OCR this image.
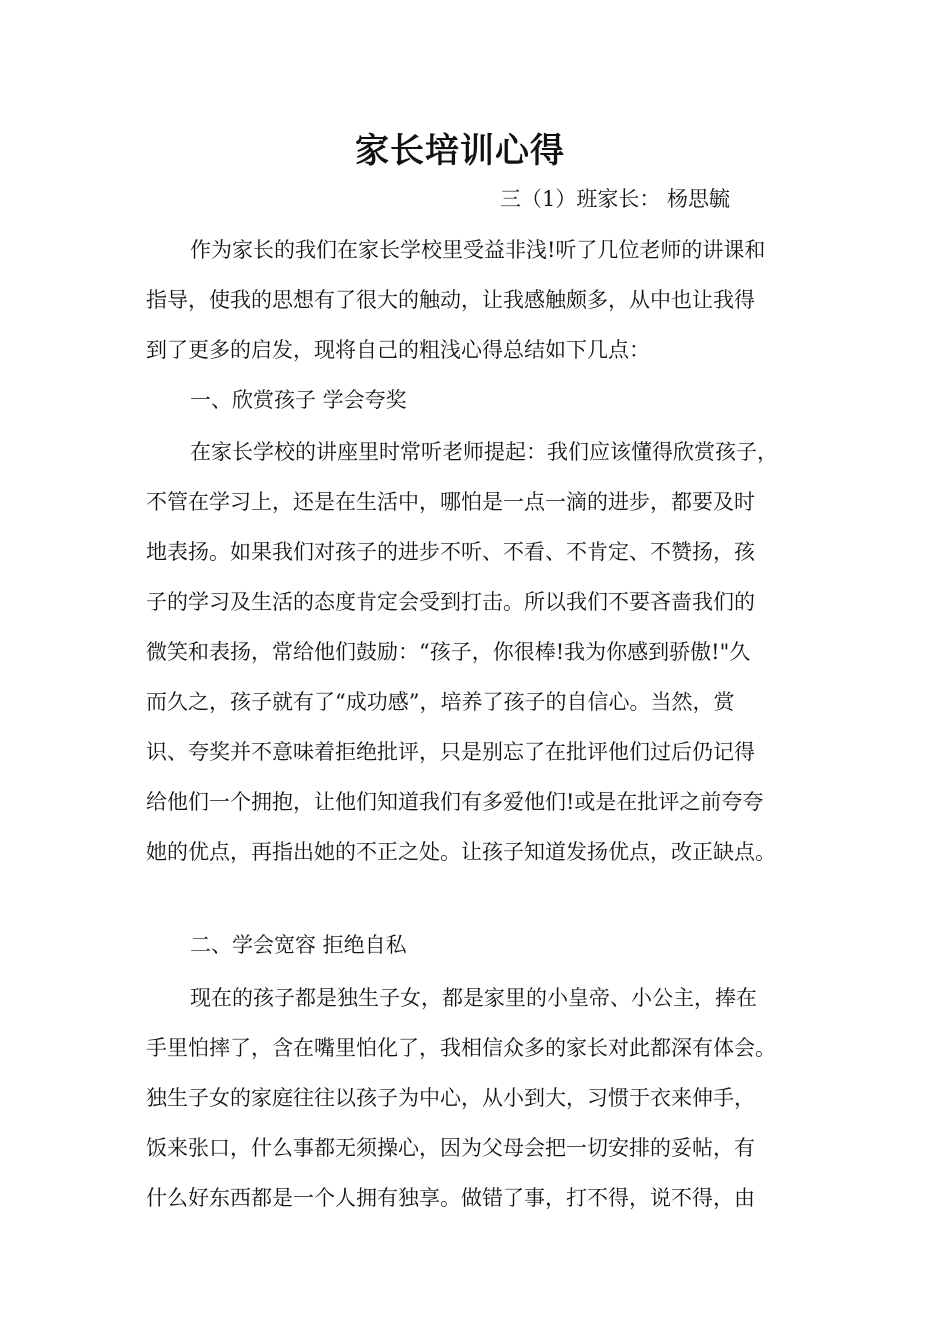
家长培训心得
三（1）班家长： 杨思毓
作为家长的我们在家长学校里受益非浅!听了几位老师的讲课和
指导，使我的思想有了很大的触动，让我感触颇多，从中也让我得
到了更多的启发，现将自己的粗浅心得总结如下几点：
一、欣赏孩子 学会夸奖
在家长学校的讲座里时常听老师提起：我们应该懂得欣赏孩子，
不管在学习上，还是在生活中，哪怕是一点一滴的进步，都要及时
地表扬。如果我们对孩子的进步不听、不看、不肯定、不赞扬，孩
子的学习及生活的态度肯定会受到打击。所以我们不要吝啬我们的
微笑和表扬，常给他们鼓励：“孩子，你很棒!我为你感到骄傲!"久
而久之，孩子就有了“成功感”，培养了孩子的自信心。当然，赏
识、夸奖并不意味着拒绝批评，只是别忘了在批评他们过后仍记得
给他们一个拥抱，让他们知道我们有多爱他们!或是在批评之前夸夸
她的优点，再指出她的不正之处。让孩子知道发扬优点，改正缺点。
二、学会宽容 拒绝自私
现在的孩子都是独生子女，都是家里的小皇帝、小公主，捧在
手里怕摔了，含在嘴里怕化了，我相信众多的家长对此都深有体会。
独生子女的家庭往往以孩子为中心，从小到大，习惯于衣来伸手，
饭来张口，什么事都无须操心，因为父母会把一切安排的妥帖，有
什么好东西都是一个人拥有独享。做错了事，打不得，说不得，由
